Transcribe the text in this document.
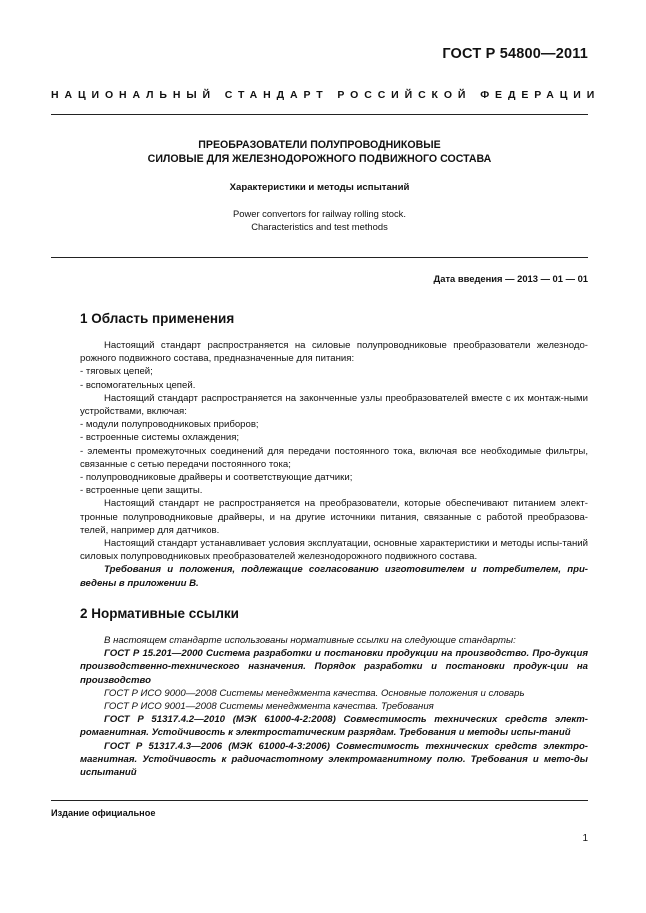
ГОСТ Р 54800—2011
НАЦИОНАЛЬНЫЙ СТАНДАРТ РОССИЙСКОЙ ФЕДЕРАЦИИ
ПРЕОБРАЗОВАТЕЛИ ПОЛУПРОВОДНИКОВЫЕ
СИЛОВЫЕ ДЛЯ ЖЕЛЕЗНОДОРОЖНОГО ПОДВИЖНОГО СОСТАВА
Характеристики и методы испытаний
Power convertors for railway rolling stock.
Characteristics and test methods
Дата введения — 2013 — 01 — 01
1 Область применения

Настоящий стандарт распространяется на силовые полупроводниковые преобразователи железнодо-рожного подвижного состава, предназначенные для питания:

- тяговых цепей;

- вспомогательных цепей.

Настоящий стандарт распространяется на законченные узлы преобразователей вместе с их монтаж-ными устройствами, включая:

- модули полупроводниковых приборов;

- встроенные системы охлаждения;

- элементы промежуточных соединений для передачи постоянного тока, включая все необходимые фильтры, связанные с сетью передачи постоянного тока;

- полупроводниковые драйверы и соответствующие датчики;

- встроенные цепи защиты.

Настоящий стандарт не распространяется на преобразователи, которые обеспечивают питанием элект-тронные полупроводниковые драйверы, и на другие источники питания, связанные с работой преобразова-телей, например для датчиков.

Настоящий стандарт устанавливает условия эксплуатации, основные характеристики и методы испы-таний силовых полупроводниковых преобразователей железнодорожного подвижного состава.

Требования и положения, подлежащие согласованию изготовителем и потребителем, при-ведены в приложении В.

2 Нормативные ссылки

В настоящем стандарте использованы нормативные ссылки на следующие стандарты:

ГОСТ Р 15.201—2000 Система разработки и постановки продукции на производство. Про-дукция производственно-технического назначения. Порядок разработки и постановки продук-ции на производство

ГОСТ Р ИСО 9000—2008 Системы менеджмента качества. Основные положения и словарь

ГОСТ Р ИСО 9001—2008 Системы менеджмента качества. Требования

ГОСТ Р 51317.4.2—2010 (МЭК 61000-4-2:2008) Совместимость технических средств элект-ромагнитная. Устойчивость к электростатическим разрядам. Требования и методы испы-таний

ГОСТ Р 51317.4.3—2006 (МЭК 61000-4-3:2006) Совместимость технических средств электро-магнитная. Устойчивость к радиочастотному электромагнитному полю. Требования и мето-ды испытаний

Издание официальное
1
